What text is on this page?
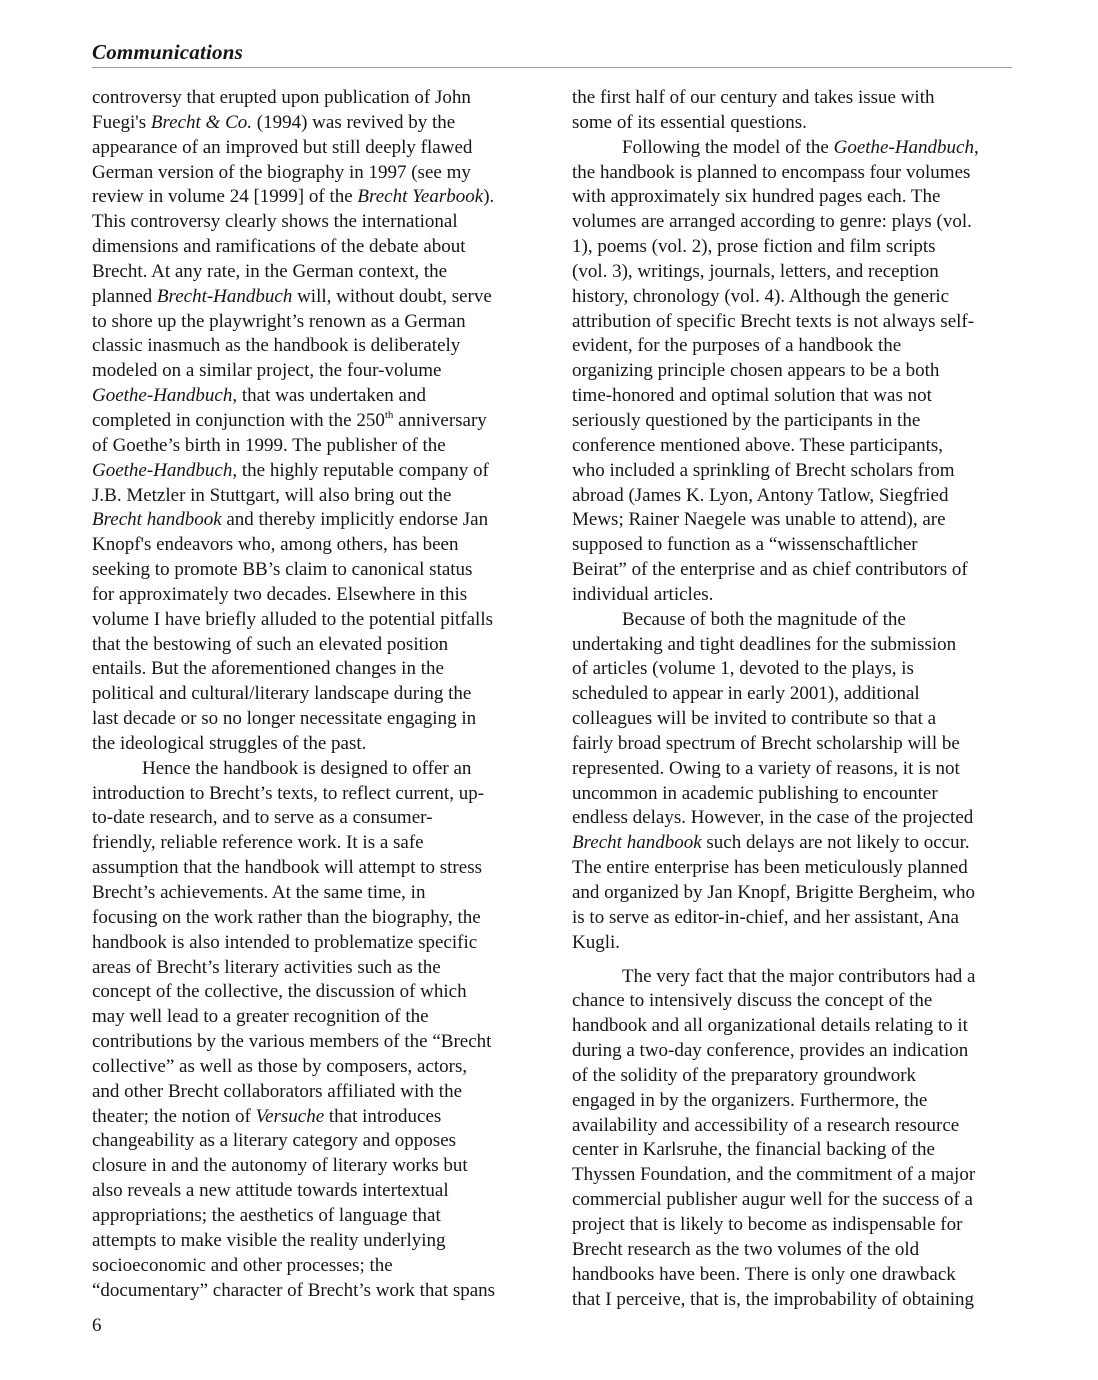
Communications
controversy that erupted upon publication of John
Fuegi's Brecht & Co. (1994) was revived by the
appearance of an improved but still deeply flawed
German version of the biography in 1997 (see my
review in volume 24 [1999] of the Brecht Yearbook).
This controversy clearly shows the international
dimensions and ramifications of the debate about
Brecht. At any rate, in the German context, the
planned Brecht-Handbuch will, without doubt, serve
to shore up the playwright’s renown as a German
classic inasmuch as the handbook is deliberately
modeled on a similar project, the four-volume
Goethe-Handbuch, that was undertaken and
completed in conjunction with the 250th anniversary
of Goethe’s birth in 1999. The publisher of the
Goethe-Handbuch, the highly reputable company of
J.B. Metzler in Stuttgart, will also bring out the
Brecht handbook and thereby implicitly endorse Jan
Knopf's endeavors who, among others, has been
seeking to promote BB’s claim to canonical status
for approximately two decades. Elsewhere in this
volume I have briefly alluded to the potential pitfalls
that the bestowing of such an elevated position
entails. But the aforementioned changes in the
political and cultural/literary landscape during the
last decade or so no longer necessitate engaging in
the ideological struggles of the past.
Hence the handbook is designed to offer an
introduction to Brecht’s texts, to reflect current, up-
to-date research, and to serve as a consumer-
friendly, reliable reference work. It is a safe
assumption that the handbook will attempt to stress
Brecht’s achievements. At the same time, in
focusing on the work rather than the biography, the
handbook is also intended to problematize specific
areas of Brecht’s literary activities such as the
concept of the collective, the discussion of which
may well lead to a greater recognition of the
contributions by the various members of the “Brecht
collective” as well as those by composers, actors,
and other Brecht collaborators affiliated with the
theater; the notion of Versuche that introduces
changeability as a literary category and opposes
closure in and the autonomy of literary works but
also reveals a new attitude towards intertextual
appropriations; the aesthetics of language that
attempts to make visible the reality underlying
socioeconomic and other processes; the
“documentary” character of Brecht’s work that spans
the first half of our century and takes issue with
some of its essential questions.
Following the model of the Goethe-Handbuch,
the handbook is planned to encompass four volumes
with approximately six hundred pages each. The
volumes are arranged according to genre: plays (vol.
1), poems (vol. 2), prose fiction and film scripts
(vol. 3), writings, journals, letters, and reception
history, chronology (vol. 4). Although the generic
attribution of specific Brecht texts is not always self-
evident, for the purposes of a handbook the
organizing principle chosen appears to be a both
time-honored and optimal solution that was not
seriously questioned by the participants in the
conference mentioned above. These participants,
who included a sprinkling of Brecht scholars from
abroad (James K. Lyon, Antony Tatlow, Siegfried
Mews; Rainer Naegele was unable to attend), are
supposed to function as a “wissenschaftlicher
Beirat” of the enterprise and as chief contributors of
individual articles.
Because of both the magnitude of the
undertaking and tight deadlines for the submission
of articles (volume 1, devoted to the plays, is
scheduled to appear in early 2001), additional
colleagues will be invited to contribute so that a
fairly broad spectrum of Brecht scholarship will be
represented. Owing to a variety of reasons, it is not
uncommon in academic publishing to encounter
endless delays. However, in the case of the projected
Brecht handbook such delays are not likely to occur.
The entire enterprise has been meticulously planned
and organized by Jan Knopf, Brigitte Bergheim, who
is to serve as editor-in-chief, and her assistant, Ana
Kugli.
The very fact that the major contributors had a
chance to intensively discuss the concept of the
handbook and all organizational details relating to it
during a two-day conference, provides an indication
of the solidity of the preparatory groundwork
engaged in by the organizers. Furthermore, the
availability and accessibility of a research resource
center in Karlsruhe, the financial backing of the
Thyssen Foundation, and the commitment of a major
commercial publisher augur well for the success of a
project that is likely to become as indispensable for
Brecht research as the two volumes of the old
handbooks have been. There is only one drawback
that I perceive, that is, the improbability of obtaining
6
